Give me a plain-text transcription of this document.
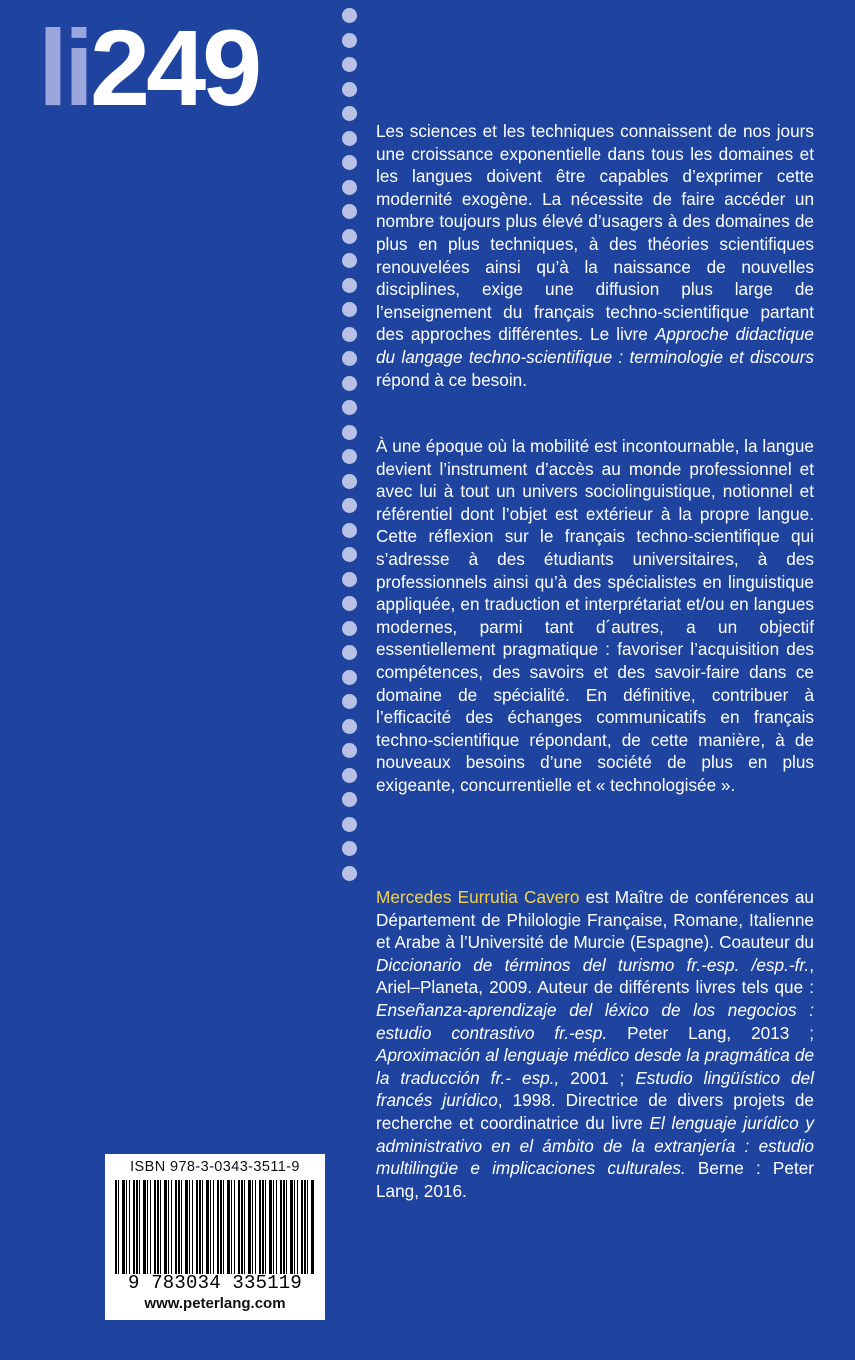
li249

Les sciences et les techniques connaissent de nos jours une croissance exponentielle dans tous les domaines et les langues doivent être capables d’exprimer cette modernité exogène. La nécessite de faire accéder un nombre toujours plus élevé d’usagers à des domaines de plus en plus techniques, à des théories scientifiques renouvelées ainsi qu’à la naissance de nouvelles disciplines, exige une diffusion plus large de l’enseignement du français techno-scientifique partant des approches différentes. Le livre Approche didactique du langage techno-scientifique : terminologie et discours répond à ce besoin.

À une époque où la mobilité est incontournable, la langue devient l’instrument d’accès au monde professionnel et avec lui à tout un univers sociolinguistique, notionnel et référentiel dont l’objet est extérieur à la propre langue. Cette réflexion sur le français techno-scientifique qui s’adresse à des étudiants universitaires, à des professionnels ainsi qu’à des spécialistes en linguistique appliquée, en traduction et interprétariat et/ou en langues modernes, parmi tant d´autres, a un objectif essentiellement pragmatique : favoriser l’acquisition des compétences, des savoirs et des savoir-faire dans ce domaine de spécialité. En définitive, contribuer à l’efficacité des échanges communicatifs en français techno-scientifique répondant, de cette manière, à de nouveaux besoins d’une société de plus en plus exigeante, concurrentielle et « technologisée ».

Mercedes Eurrutia Cavero est Maître de conférences au Département de Philologie Française, Romane, Italienne et Arabe à l’Université de Murcie (Espagne). Coauteur du Diccionario de términos del turismo fr.-esp. /esp.-fr., Ariel–Planeta, 2009. Auteur de différents livres tels que : Enseñanza-aprendizaje del léxico de los negocios : estudio contrastivo fr.-esp. Peter Lang, 2013 ; Aproximación al lenguaje médico desde la pragmática de la traducción fr.- esp., 2001 ; Estudio lingüístico del francés jurídico, 1998. Directrice de divers projets de recherche et coordinatrice du livre El lenguaje jurídico y administrativo en el ámbito de la extranjería : estudio multilingüe e implicaciones culturales. Berne : Peter Lang, 2016.

ISBN 978-3-0343-3511-9
9 783034 335119
www.peterlang.com
